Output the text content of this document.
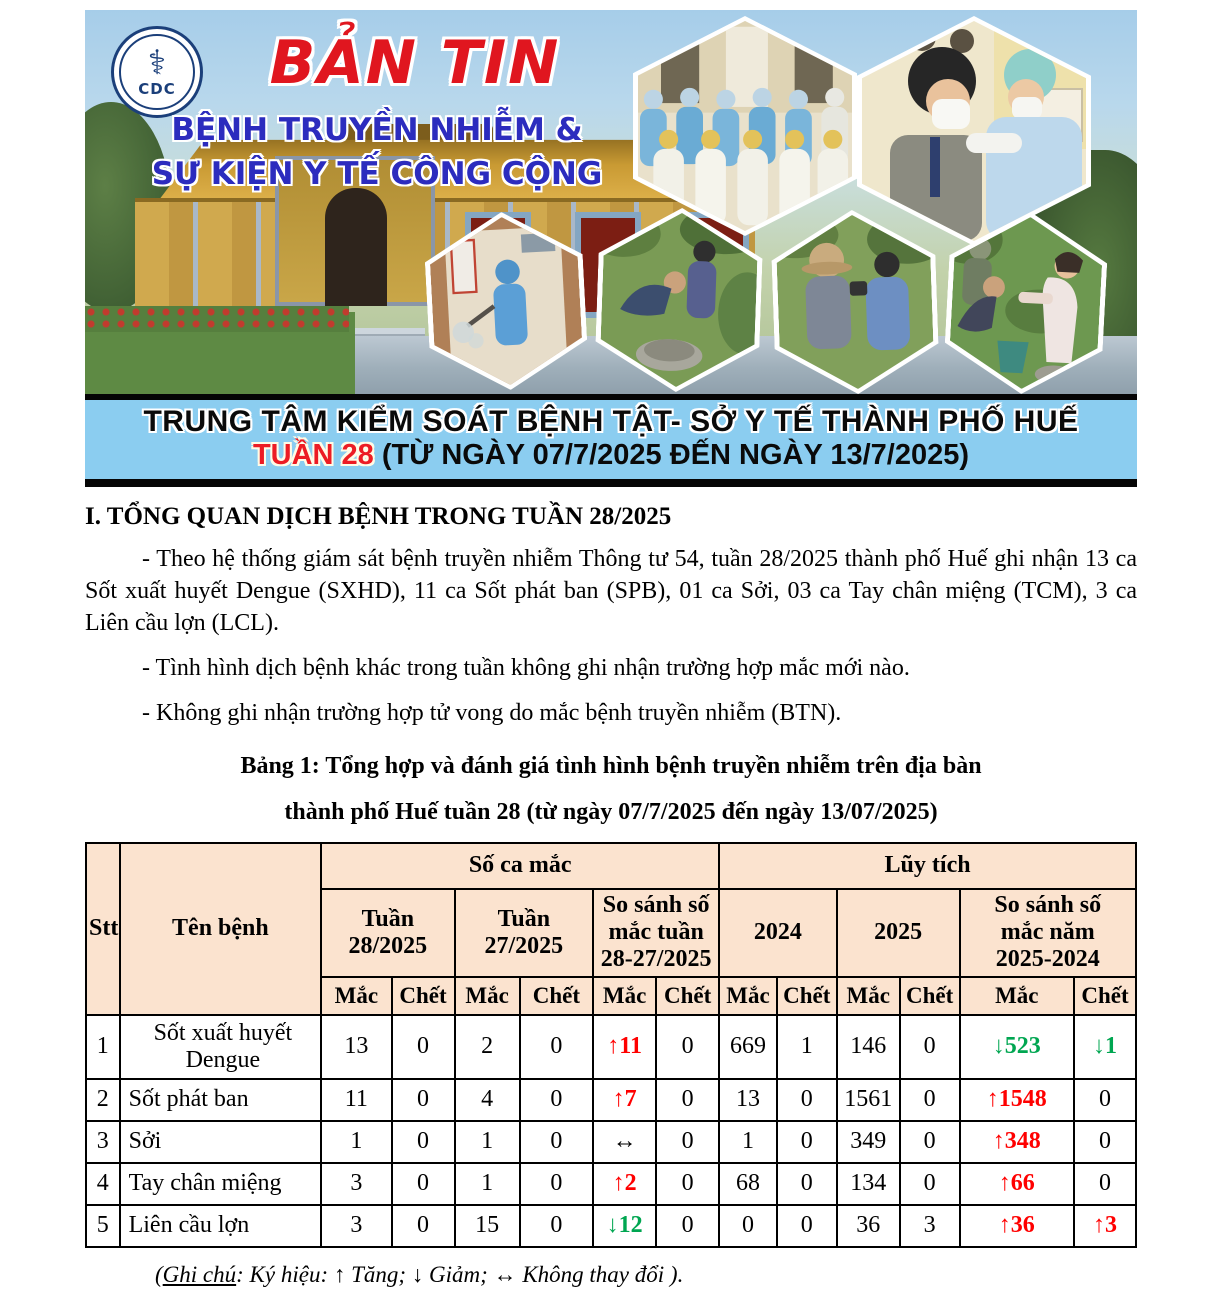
⚕
CDC	BẢN TIN
BỆNH TRUYỀN NHIỄM &
SỰ KIỆN Y TẾ CÔNG CỘNG
TRUNG TÂM KIỂM SOÁT BỆNH TẬT- SỞ Y TẾ THÀNH PHỐ HUẾ
TUẦN 28 (TỪ NGÀY 07/7/2025 ĐẾN NGÀY 13/7/2025)
I. TỔNG QUAN DỊCH BỆNH TRONG TUẦN 28/2025

- Theo hệ thống giám sát bệnh truyền nhiễm Thông tư 54, tuần 28/2025 thành phố Huế ghi nhận 13 ca Sốt xuất huyết Dengue (SXHD), 11 ca Sốt phát ban (SPB), 01 ca Sởi, 03 ca Tay chân miệng (TCM), 3 ca Liên cầu lợn (LCL).

- Tình hình dịch bệnh khác trong tuần không ghi nhận trường hợp mắc mới nào.

- Không ghi nhận trường hợp tử vong do mắc bệnh truyền nhiễm (BTN).

Bảng 1: Tổng hợp và đánh giá tình hình bệnh truyền nhiễm trên địa bàn
thành phố Huế tuần 28 (từ ngày 07/7/2025 đến ngày 13/07/2025)
Stt	Tên bệnh	Số ca mắc						Lũy tích					
		Tuần 28/2025		Tuần 27/2025		So sánh số mắc tuần 28-27/2025		2024		2025		So sánh số mắc năm 2025-2024	
		Mắc	Chết	Mắc	Chết	Mắc	Chết	Mắc	Chết	Mắc	Chết	Mắc	Chết
1	Sốt xuất huyết Dengue	13	0	2	0	↑11	0	669	1	146	0	↓523	↓1
2	Sốt phát ban	11	0	4	0	↑7	0	13	0	1561	0	↑1548	0
3	Sởi	1	0	1	0	↔	0	1	0	349	0	↑348	0
4	Tay chân miệng	3	0	1	0	↑2	0	68	0	134	0	↑66	0
5	Liên cầu lợn	3	0	15	0	↓12	0	0	0	36	3	↑36	↑3

(Ghi chú: Ký hiệu: ↑ Tăng; ↓ Giảm; ↔ Không thay đổi ).
